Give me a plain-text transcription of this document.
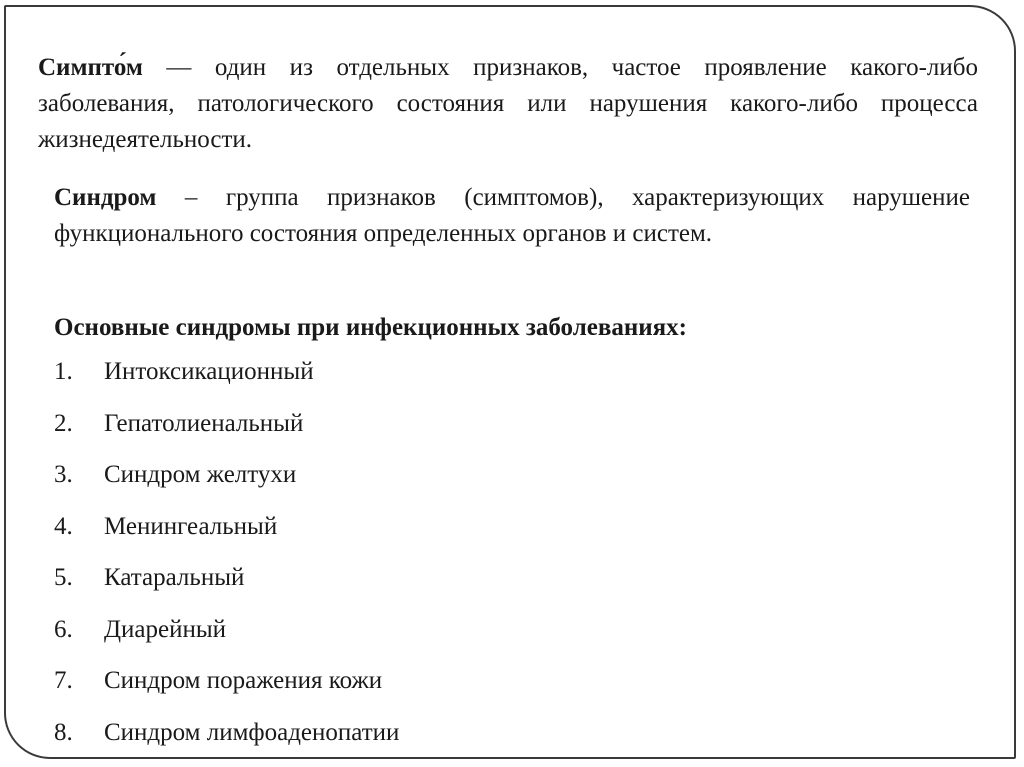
Симпто́м — один из отдельных признаков, частое проявление какого-либо заболевания, патологического состояния или нарушения какого-либо процесса жизнедеятельности.

Синдром – группа признаков (симптомов), характеризующих нарушение функционального состояния определенных органов и систем.

Основные синдромы при инфекционных заболеваниях:
1.	Интоксикационный
2.	Гепатолиенальный
3.	Синдром желтухи
4.	Менингеальный
5.	Катаральный
6.	Диарейный
7.	Синдром поражения кожи
8.	Синдром лимфоаденопатии
